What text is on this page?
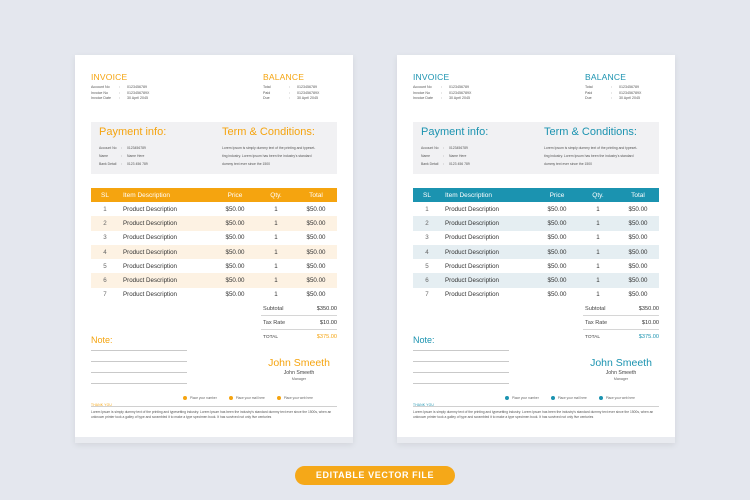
INVOICE
Account No	:	0123456789
Invoice No	:	0123456789X
Invoice Date	:	30 April 2045
BALANCE
Total	:	0123456789
Paid	:	0123456789X
Due	:	30 April 2045
Payment info:
Account No	:	0123456789
Name	:	Name Here
Bank Detail	:	0123 456 789
Term & Conditions:
Lorem Ipsum is simply dummy text of the printing and typeset-
ting industry. Lorem Ipsum has been the industry's standard
dummy text ever since the 1500
SL	Item Description	Price	Qty.	Total
1	Product Description	$50.00	1	$50.00
2	Product Description	$50.00	1	$50.00
3	Product Description	$50.00	1	$50.00
4	Product Description	$50.00	1	$50.00
5	Product Description	$50.00	1	$50.00
6	Product Description	$50.00	1	$50.00
7	Product Description	$50.00	1	$50.00
Subtotal	$350.00
Tax Rate	$10.00
TOTAL	$375.00
Note:
John Smeeth
John Smeeth
Manager
Place your number	Place your mail here	Place your web here
THANK YOU
Lorem Ipsum is simply dummy text of the printing and typesetting industry. Lorem Ipsum has been the industry's standard dummy text ever since the 1500s, when an unknown printer took a galley of type and scrambled it to make a type specimen book. It has survived not only five centuries
INVOICE
Account No	:	0123456789
Invoice No	:	0123456789X
Invoice Date	:	30 April 2045
BALANCE
Total	:	0123456789
Paid	:	0123456789X
Due	:	30 April 2045
Payment info:
Account No	:	0123456789
Name	:	Name Here
Bank Detail	:	0123 456 789
Term & Conditions:
Lorem Ipsum is simply dummy text of the printing and typeset-
ting industry. Lorem Ipsum has been the industry's standard
dummy text ever since the 1500
SL	Item Description	Price	Qty.	Total
1	Product Description	$50.00	1	$50.00
2	Product Description	$50.00	1	$50.00
3	Product Description	$50.00	1	$50.00
4	Product Description	$50.00	1	$50.00
5	Product Description	$50.00	1	$50.00
6	Product Description	$50.00	1	$50.00
7	Product Description	$50.00	1	$50.00
Subtotal	$350.00
Tax Rate	$10.00
TOTAL	$375.00
Note:
John Smeeth
John Smeeth
Manager
Place your number	Place your mail here	Place your web here
THANK YOU
Lorem Ipsum is simply dummy text of the printing and typesetting industry. Lorem Ipsum has been the industry's standard dummy text ever since the 1500s, when an unknown printer took a galley of type and scrambled it to make a type specimen book. It has survived not only five centuries
EDITABLE VECTOR FILE
